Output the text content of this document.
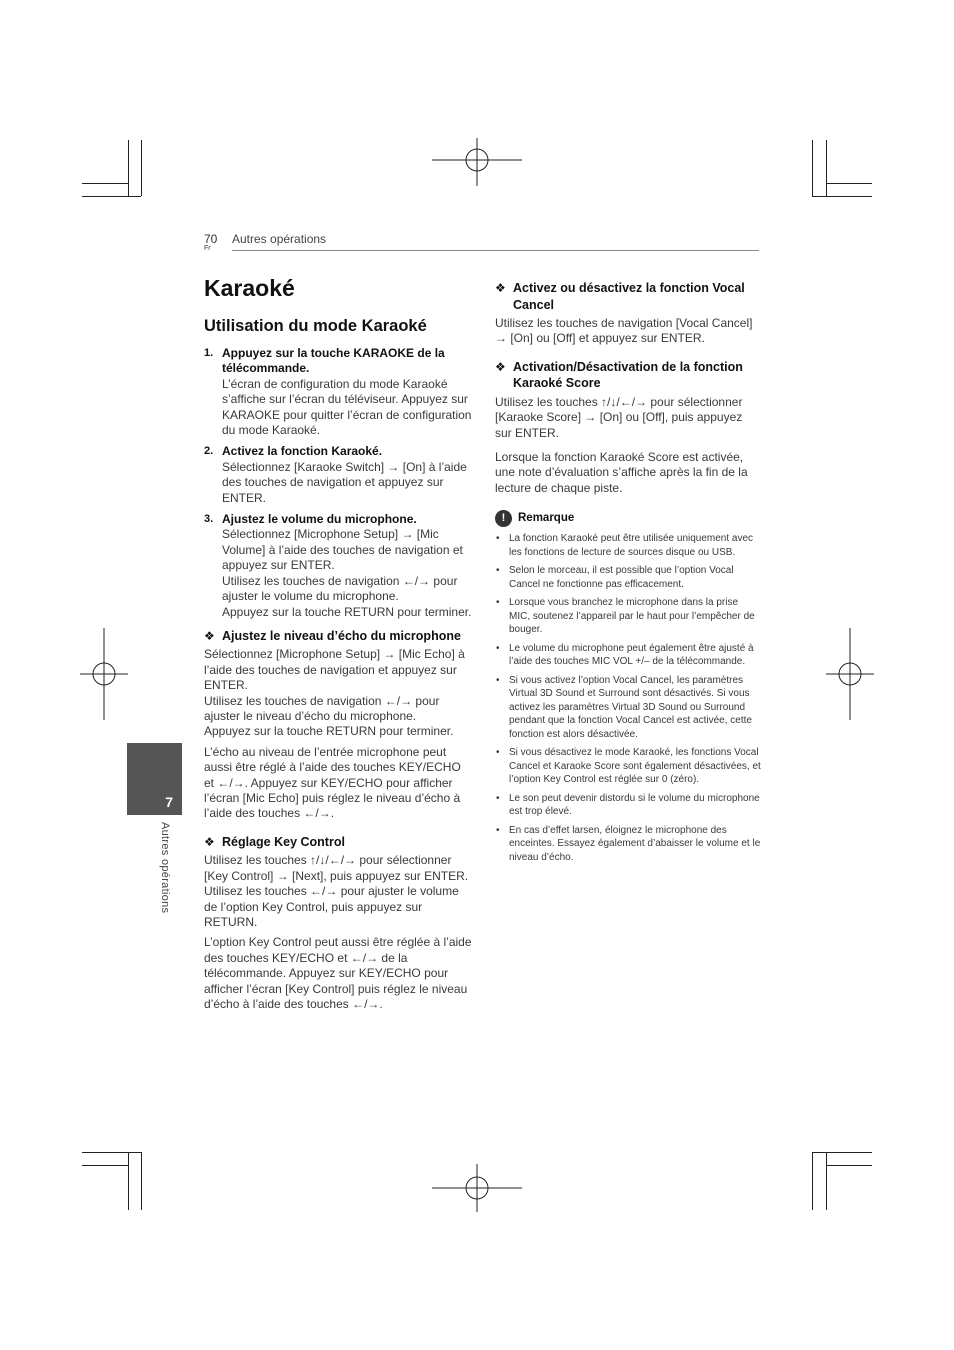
70
Fr
Autres opérations
7
Autres opérations
Karaoké
Utilisation du mode Karaoké
1. Appuyez sur la touche KARAOKE de la télécommande.
L’écran de configuration du mode Karaoké s’affiche sur l’écran du téléviseur. Appuyez sur KARAOKE pour quitter l’écran de configuration du mode Karaoké.
2. Activez la fonction Karaoké.
Sélectionnez [Karaoke Switch] → [On] à l’aide des touches de navigation et appuyez sur ENTER.
3. Ajustez le volume du microphone.
Sélectionnez [Microphone Setup] → [Mic Volume] à l’aide des touches de navigation et appuyez sur ENTER.
Utilisez les touches de navigation ←/→ pour ajuster le volume du microphone.
Appuyez sur la touche RETURN pour terminer.
❖ Ajustez le niveau d’écho du microphone

Sélectionnez [Microphone Setup] → [Mic Echo] à l’aide des touches de navigation et appuyez sur ENTER.

Utilisez les touches de navigation ←/→ pour ajuster le niveau d’écho du microphone.

Appuyez sur la touche RETURN pour terminer.

L’écho au niveau de l’entrée microphone peut aussi être réglé à l’aide des touches KEY/ECHO et ←/→. Appuyez sur KEY/ECHO pour afficher l’écran [Mic Echo] puis réglez le niveau d’écho à l’aide des touches ←/→.

❖ Réglage Key Control

Utilisez les touches ↑/↓/←/→ pour sélectionner [Key Control] → [Next], puis appuyez sur ENTER. Utilisez les touches ←/→ pour ajuster le volume de l’option Key Control, puis appuyez sur RETURN.

L’option Key Control peut aussi être réglée à l’aide des touches KEY/ECHO et ←/→ de la télécommande. Appuyez sur KEY/ECHO pour afficher l’écran [Key Control] puis réglez le niveau d’écho à l’aide des touches ←/→.

❖ Activez ou désactivez la fonction Vocal Cancel

Utilisez les touches de navigation [Vocal Cancel] → [On] ou [Off] et appuyez sur ENTER.

❖ Activation/Désactivation de la fonction Karaoké Score

Utilisez les touches ↑/↓/←/→ pour sélectionner [Karaoke Score] → [On] ou [Off], puis appuyez sur ENTER.

Lorsque la fonction Karaoké Score est activée, une note d’évaluation s’affiche après la fin de la lecture de chaque piste.

!	Remarque
• La fonction Karaoké peut être utilisée uniquement avec les fonctions de lecture de sources disque ou USB.
• Selon le morceau, il est possible que l’option Vocal Cancel ne fonctionne pas efficacement.
• Lorsque vous branchez le microphone dans la prise MIC, soutenez l’appareil par le haut pour l’empêcher de bouger.
• Le volume du microphone peut également être ajusté à l’aide des touches MIC VOL +/– de la télécommande.
• Si vous activez l’option Vocal Cancel, les paramètres Virtual 3D Sound et Surround sont désactivés. Si vous activez les paramètres Virtual 3D Sound ou Surround pendant que la fonction Vocal Cancel est activée, cette fonction est alors désactivée.
• Si vous désactivez le mode Karaoké, les fonctions Vocal Cancel et Karaoke Score sont également désactivées, et l’option Key Control est réglée sur 0 (zéro).
• Le son peut devenir distordu si le volume du microphone est trop élevé.
• En cas d’effet larsen, éloignez le microphone des enceintes. Essayez également d’abaisser le volume et le niveau d’écho.
